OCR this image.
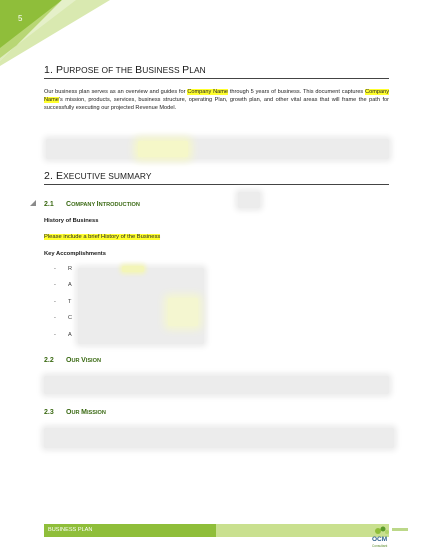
5
1. PURPOSE OF THE BUSINESS PLAN
Our business plan serves as an overview and guides for Company Name through 5 years of business. This document captures Company Name's mission, products, services, business structure, operating Plan, growth plan, and other vital areas that will frame the path for successfully executing our projected Revenue Model.
2. EXECUTIVE SUMMARY
2.1 COMPANY INTRODUCTION
History of Business
Please include a brief History of the Business
Key Accomplishments
- R
- A
- T
- C
- A
2.2 OUR VISION
2.3 OUR MISSION
BUSINESS PLAN
OCM
Consultant
